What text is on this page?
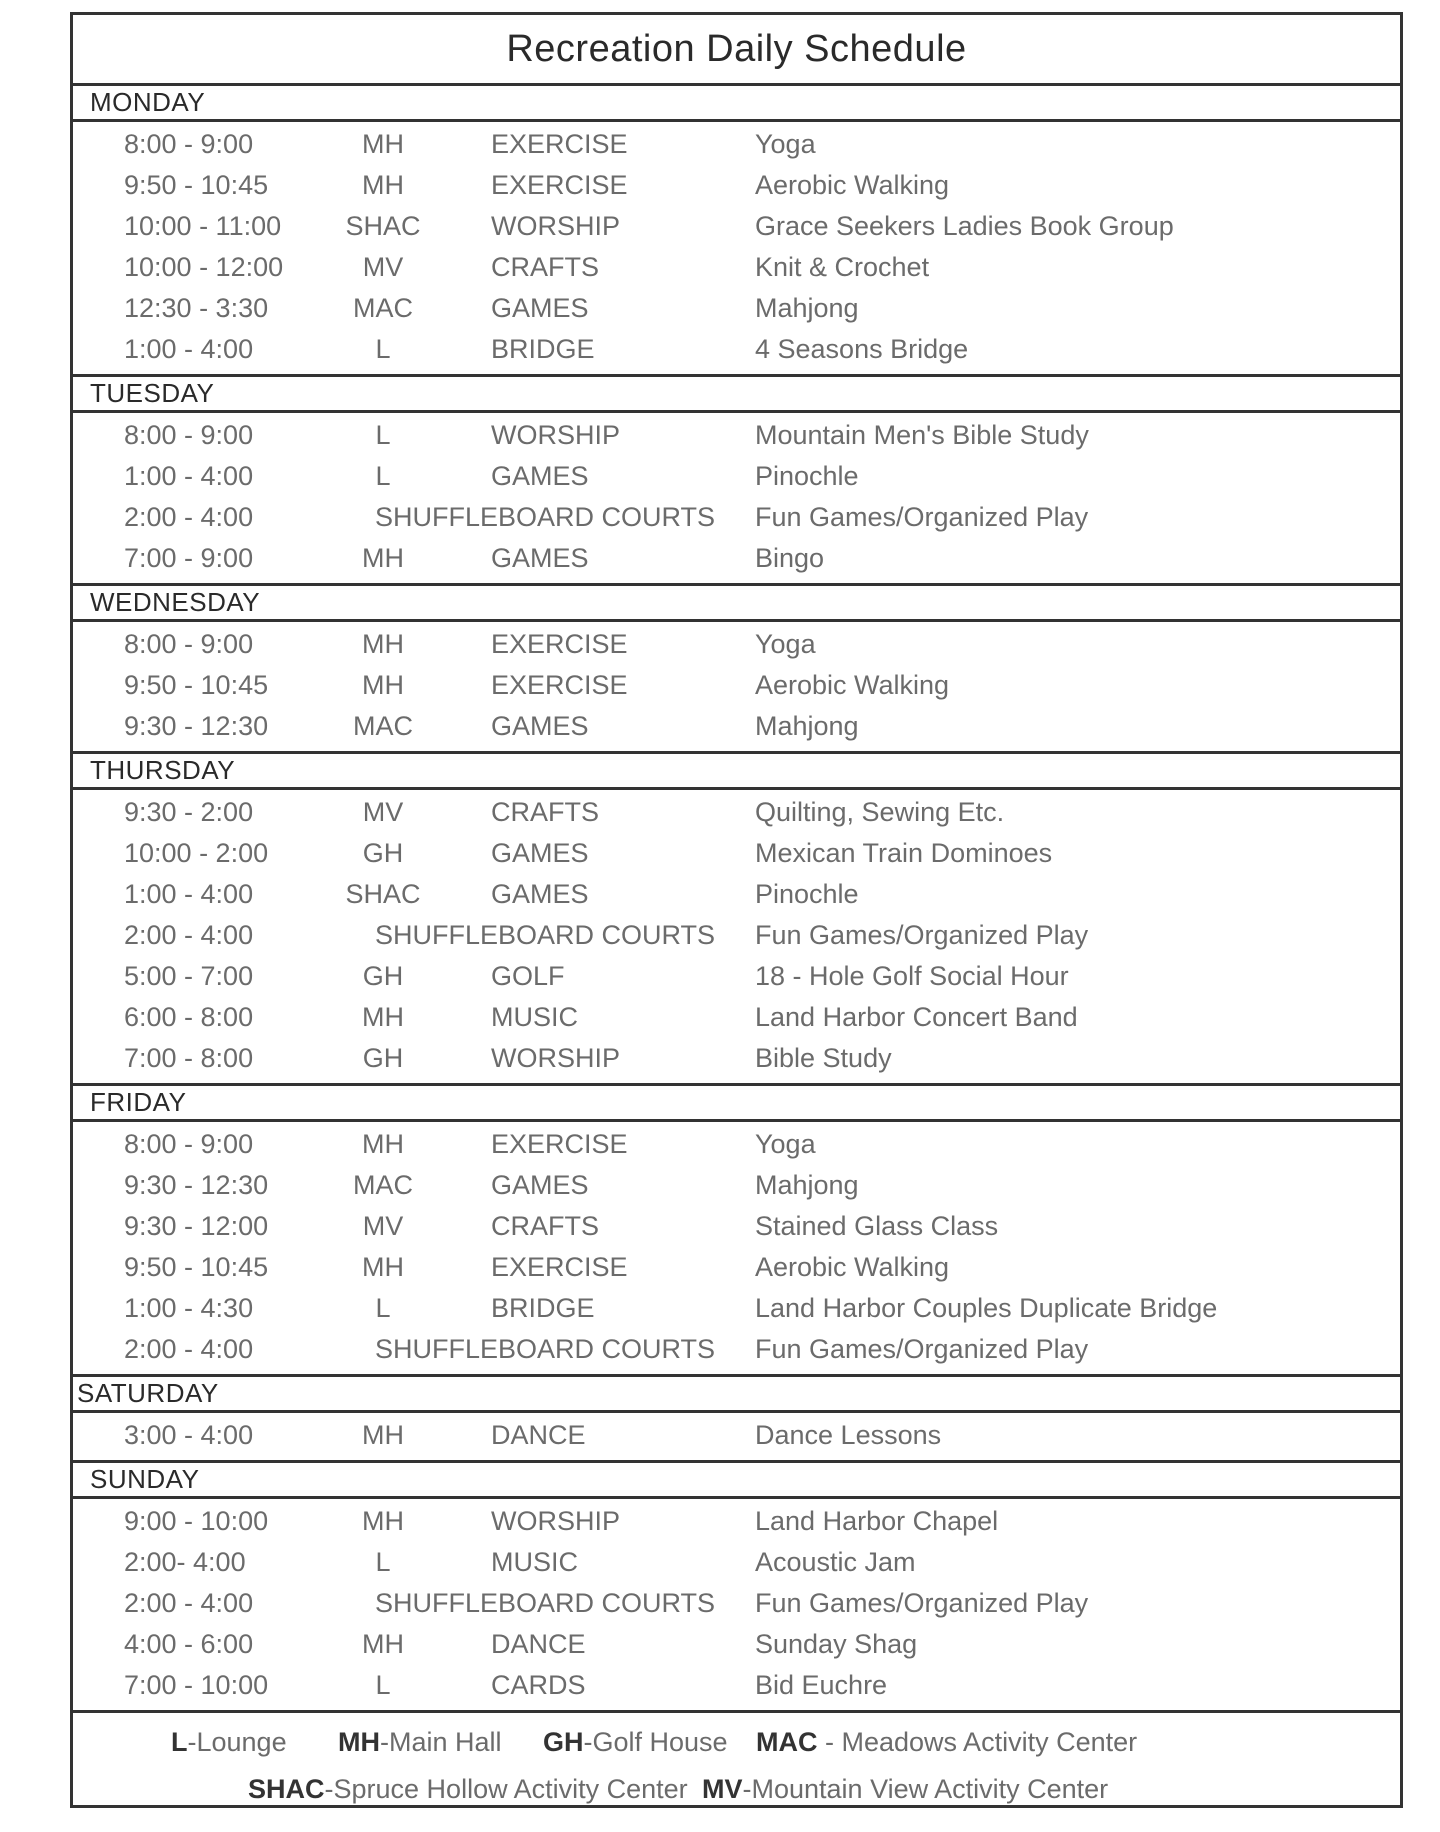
Recreation Daily Schedule
MONDAY
8:00 - 9:00	MH	EXERCISE	Yoga
9:50 - 10:45	MH	EXERCISE	Aerobic Walking
10:00 - 11:00	SHAC	WORSHIP	Grace Seekers Ladies Book Group
10:00 - 12:00	MV	CRAFTS	Knit & Crochet
12:30 - 3:30	MAC	GAMES	Mahjong
1:00 - 4:00	L	BRIDGE	4 Seasons Bridge
TUESDAY
8:00 - 9:00	L	WORSHIP	Mountain Men's Bible Study
1:00 - 4:00	L	GAMES	Pinochle
2:00 - 4:00	SHUFFLEBOARD COURTS Fun Games/Organized Play
7:00 - 9:00	MH	GAMES	Bingo
WEDNESDAY
8:00 - 9:00	MH	EXERCISE	Yoga
9:50 - 10:45	MH	EXERCISE	Aerobic Walking
9:30 - 12:30	MAC	GAMES	Mahjong
THURSDAY
9:30 - 2:00	MV	CRAFTS	Quilting, Sewing Etc.
10:00 - 2:00	GH	GAMES	Mexican Train Dominoes
1:00 - 4:00	SHAC	GAMES	Pinochle
2:00 - 4:00	SHUFFLEBOARD COURTS Fun Games/Organized Play
5:00 - 7:00	GH	GOLF	18 - Hole Golf Social Hour
6:00 - 8:00	MH	MUSIC	Land Harbor Concert Band
7:00 - 8:00	GH	WORSHIP	Bible Study
FRIDAY
8:00 - 9:00	MH	EXERCISE	Yoga
9:30 - 12:30	MAC	GAMES	Mahjong
9:30 - 12:00	MV	CRAFTS	Stained Glass Class
9:50 - 10:45	MH	EXERCISE	Aerobic Walking
1:00 - 4:30	L	BRIDGE	Land Harbor Couples Duplicate Bridge
2:00 - 4:00	SHUFFLEBOARD COURTS Fun Games/Organized Play
SATURDAY
3:00 - 4:00	MH	DANCE	Dance Lessons
SUNDAY
9:00 - 10:00	MH	WORSHIP	Land Harbor Chapel
2:00- 4:00	L	MUSIC	Acoustic Jam
2:00 - 4:00	SHUFFLEBOARD COURTS Fun Games/Organized Play
4:00 - 6:00	MH	DANCE	Sunday Shag
7:00 - 10:00	L	CARDS	Bid Euchre
L-Lounge MH-Main Hall GH-Golf House MAC - Meadows Activity Center
SHAC-Spruce Hollow Activity Center MV-Mountain View Activity Center
